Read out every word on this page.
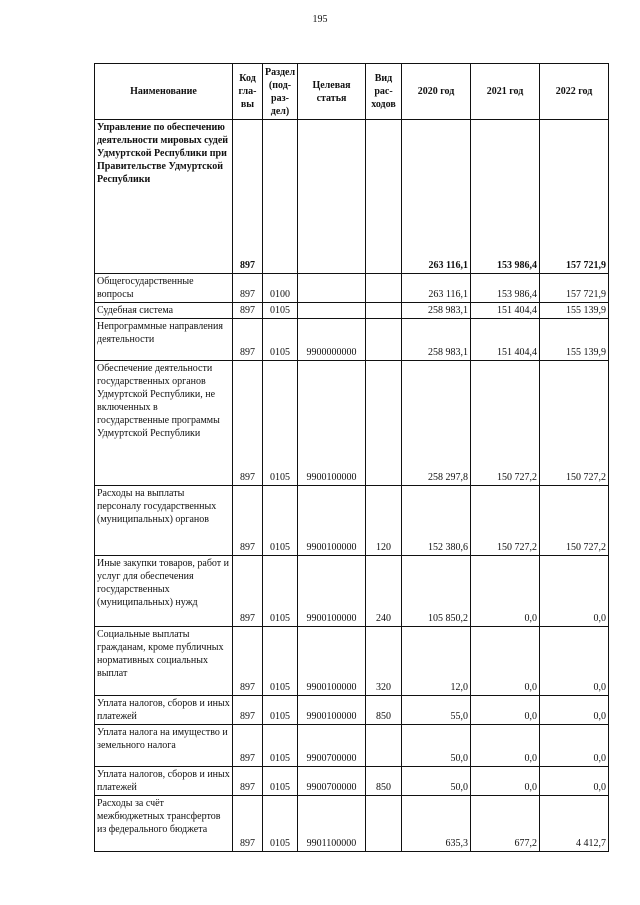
195
Наименование	Код гла-вы	Раздел (под-раз-дел)	Целевая статья	Вид рас-ходов	2020 год	2021 год	2022 год
Управление по обеспечению деятельности мировых судей Удмуртской Республики при Правительстве Удмуртской Республики	897				263 116,1	153 986,4	157 721,9
Общегосударственные вопросы	897	0100			263 116,1	153 986,4	157 721,9
Судебная система	897	0105			258 983,1	151 404,4	155 139,9
Непрограммные направления деятельности	897	0105	9900000000		258 983,1	151 404,4	155 139,9
Обеспечение деятельности государственных органов Удмуртской Республики, не включенных в государственные программы Удмуртской Республики	897	0105	9900100000		258 297,8	150 727,2	150 727,2
Расходы на выплаты персоналу государственных (муниципальных) органов	897	0105	9900100000	120	152 380,6	150 727,2	150 727,2
Иные закупки товаров, работ и услуг для обеспечения государственных (муниципальных) нужд	897	0105	9900100000	240	105 850,2	0,0	0,0
Социальные выплаты гражданам, кроме публичных нормативных социальных выплат	897	0105	9900100000	320	12,0	0,0	0,0
Уплата налогов, сборов и иных платежей	897	0105	9900100000	850	55,0	0,0	0,0
Уплата налога на имущество и земельного налога	897	0105	9900700000		50,0	0,0	0,0
Уплата налогов, сборов и иных платежей	897	0105	9900700000	850	50,0	0,0	0,0
Расходы за счёт межбюджетных трансфертов из федерального бюджета	897	0105	9901100000		635,3	677,2	4 412,7
